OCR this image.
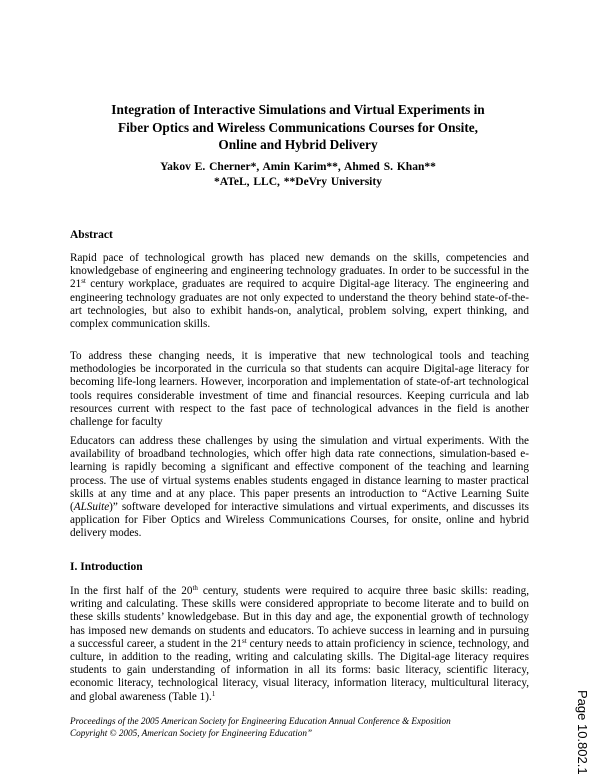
Integration of Interactive Simulations and Virtual Experiments in
Fiber Optics and Wireless Communications Courses for Onsite,
Online and Hybrid Delivery
Yakov E. Cherner*, Amin Karim**, Ahmed S. Khan**
*ATeL, LLC, **DeVry University
Abstract
Rapid pace of technological growth has placed new demands on the skills, competencies and knowledgebase of engineering and engineering technology graduates. In order to be successful in the 21st century workplace, graduates are required to acquire Digital-age literacy. The engineering and engineering technology graduates are not only expected to understand the theory behind state-of-the-art technologies, but also to exhibit hands-on, analytical, problem solving, expert thinking, and complex communication skills.
To address these changing needs, it is imperative that new technological tools and teaching methodologies be incorporated in the curricula so that students can acquire Digital-age literacy for becoming life-long learners. However, incorporation and implementation of state-of-art technological tools requires considerable investment of time and financial resources. Keeping curricula and lab resources current with respect to the fast pace of technological advances in the field is another challenge for faculty
Educators can address these challenges by using the simulation and virtual experiments. With the availability of broadband technologies, which offer high data rate connections, simulation-based e-learning is rapidly becoming a significant and effective component of the teaching and learning process. The use of virtual systems enables students engaged in distance learning to master practical skills at any time and at any place. This paper presents an introduction to “Active Learning Suite (ALSuite)” software developed for interactive simulations and virtual experiments, and discusses its application for Fiber Optics and Wireless Communications Courses, for onsite, online and hybrid delivery modes.
I. Introduction
In the first half of the 20th century, students were required to acquire three basic skills: reading, writing and calculating. These skills were considered appropriate to become literate and to build on these skills students’ knowledgebase. But in this day and age, the exponential growth of technology has imposed new demands on students and educators. To achieve success in learning and in pursuing a successful career, a student in the 21st century needs to attain proficiency in science, technology, and culture, in addition to the reading, writing and calculating skills. The Digital-age literacy requires students to gain understanding of information in all its forms: basic literacy, scientific literacy, economic literacy, technological literacy, visual literacy, information literacy, multicultural literacy, and global awareness (Table 1).$^1$
Proceedings of the 2005 American Society for Engineering Education Annual Conference & Exposition
Copyright © 2005, American Society for Engineering Education”	Page 10.802.1
